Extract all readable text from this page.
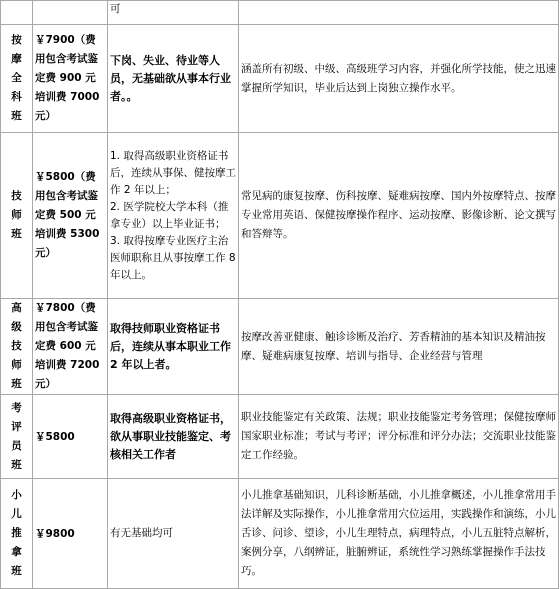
		可	
按
摩
全
科
班	￥7900（费用包含考试鉴定费 900 元培训费 7000 元）	下岗、失业、待业等人员，无基础欲从事本行业者。。	涵盖所有初级、中级、高级班学习内容，并强化所学技能，使之迅速掌握所学知识，毕业后达到上岗独立操作水平。
技
师
班	￥5800（费用包含考试鉴定费 500 元培训费 5300 元）	1. 取得高级职业资格证书后，连续从事保、健按摩工作 2 年以上；
2. 医学院校大学本科（推拿专业）以上毕业证书；
3. 取得按摩专业医疗主治医师职称且从事按摩工作 8 年以上。	常见病的康复按摩、伤科按摩、疑难病按摩、国内外按摩特点、按摩专业常用英语、保健按摩操作程序、运动按摩、影像诊断、论文撰写和答辩等。
高
级
技
师
班	￥7800（费用包含考试鉴定费 600 元培训费 7200 元）	取得技师职业资格证书后，连续从事本职业工作 2 年以上者。	按摩改善亚健康、触诊诊断及治疗、芳香精油的基本知识及精油按摩、疑难病康复按摩、培训与指导、企业经营与管理
考
评
员
班	￥5800	取得高级职业资格证书，欲从事职业技能鉴定、考核相关工作者	职业技能鉴定有关政策、法规；职业技能鉴定考务管理；保健按摩师国家职业标准；考试与考评；评分标准和评分办法；交流职业技能鉴定工作经验。
小
儿
推
拿
班	￥9800	有无基础均可	小儿推拿基础知识，儿科诊断基础，小儿推拿概述，小儿推拿常用手法详解及实际操作，小儿推拿常用穴位运用，实践操作和演练，小儿舌诊、问诊、望诊，小儿生理特点，病理特点，小儿五脏特点解析，案例分享，八纲辨证，脏腑辨证，系统性学习熟练掌握操作手法技巧。
